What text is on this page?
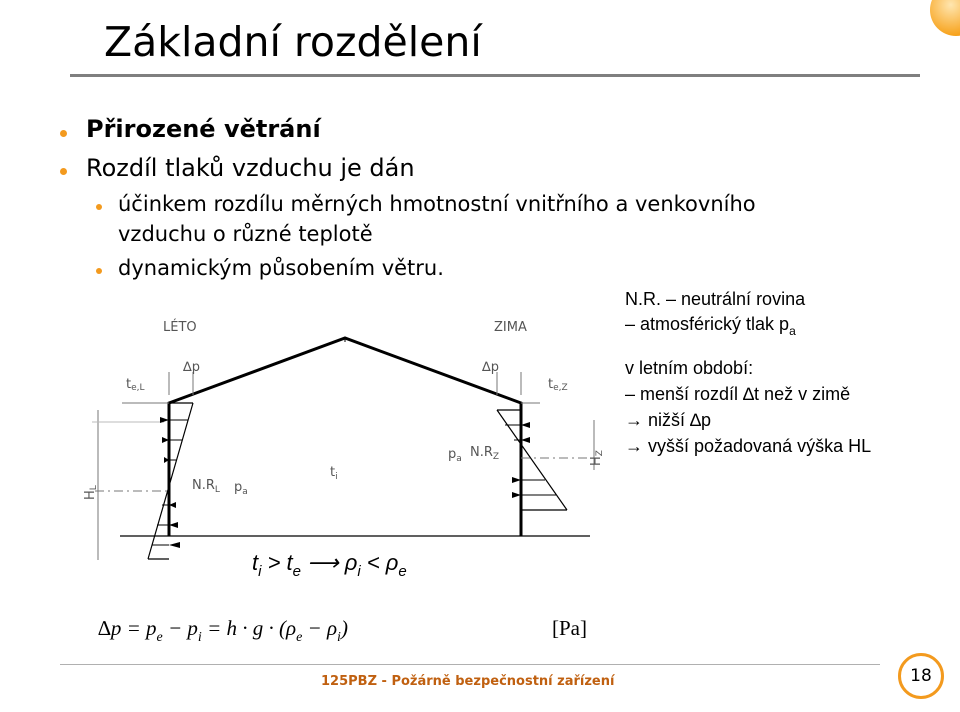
Základní rozdělení
Přirozené větrání
Rozdíl tlaků vzduchu je dán
účinkem rozdílu měrných hmotnostní vnitřního a venkovního
vzduchu o různé teplotě
dynamickým působením větru.
N.R. – neutrální rovina
– atmosférický tlak $p_a$
v letním období:
– menší rozdíl ∆t než v zimě
→ nižší ∆p
→ vyšší požadovaná výška HL
LÉTO	ZIMA
te,L	te,Z
∆p	∆p
$N.R_L$ $p_a$
$N.R_Z$
$p_a$
$t_i$
HL
HZ
$t_i > t_e$ ⟶ $\rho_i < \rho_e$
$\Delta p = p_e - p_i = h \cdot g \cdot (\rho_e - \rho_i)$	[Pa]
125PBZ - Požárně bezpečnostní zařízení	18
